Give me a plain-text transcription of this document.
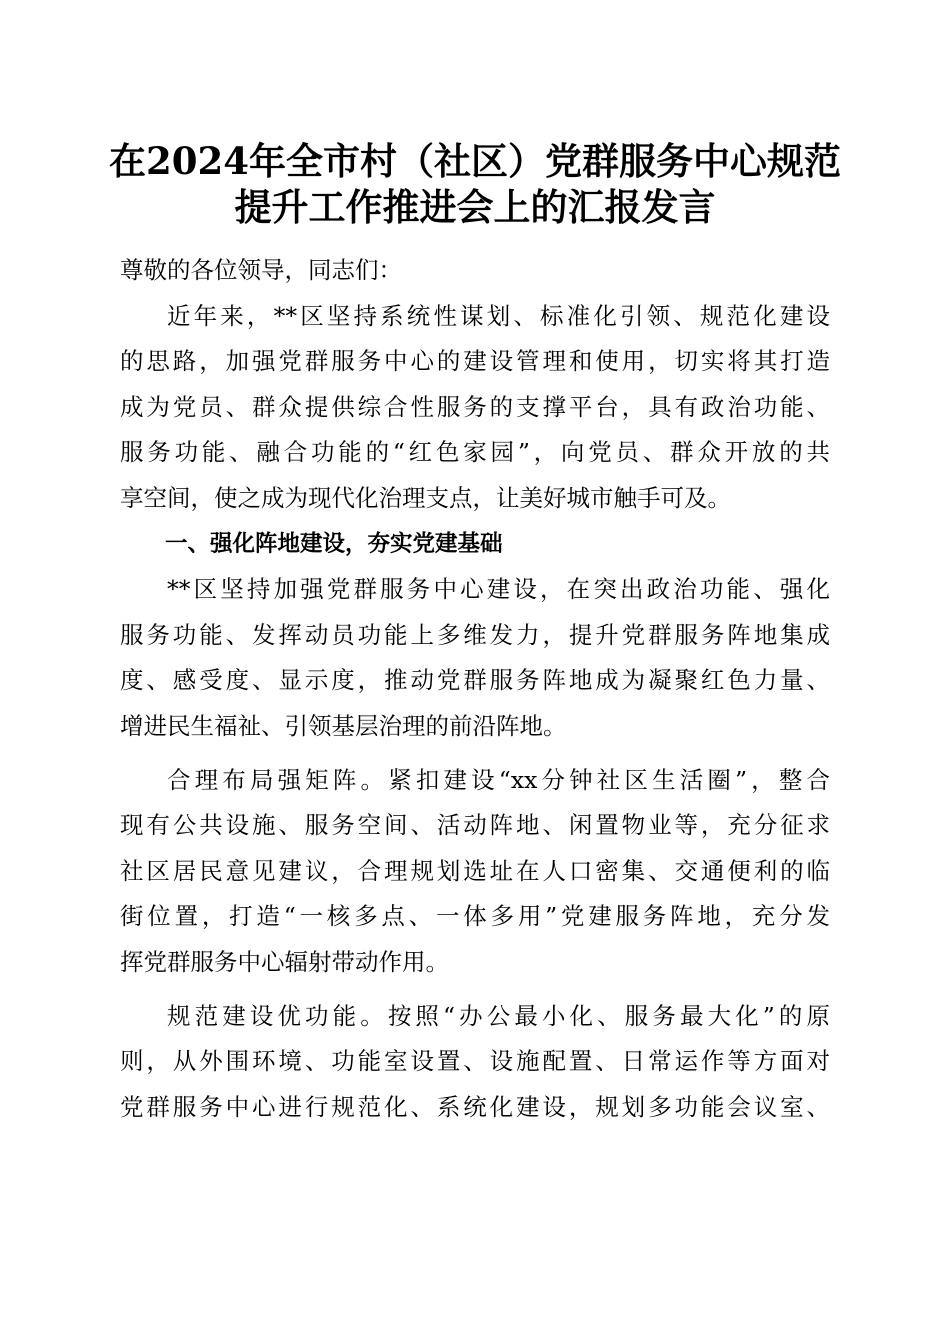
在2024年全市村（社区）党群服务中心规范
提升工作推进会上的汇报发言

尊敬的各位领导，同志们：

近年来，**区坚持系统性谋划、标准化引领、规范化建设
的思路，加强党群服务中心的建设管理和使用，切实将其打造
成为党员、群众提供综合性服务的支撑平台，具有政治功能、
服务功能、融合功能的“红色家园”，向党员、群众开放的共
享空间，使之成为现代化治理支点，让美好城市触手可及。

一、强化阵地建设，夯实党建基础

**区坚持加强党群服务中心建设，在突出政治功能、强化
服务功能、发挥动员功能上多维发力，提升党群服务阵地集成
度、感受度、显示度，推动党群服务阵地成为凝聚红色力量、
增进民生福祉、引领基层治理的前沿阵地。
合理布局强矩阵。紧扣建设“xx分钟社区生活圈”，整合
现有公共设施、服务空间、活动阵地、闲置物业等，充分征求
社区居民意见建议，合理规划选址在人口密集、交通便利的临
街位置，打造“一核多点、一体多用”党建服务阵地，充分发
挥党群服务中心辐射带动作用。
规范建设优功能。按照“办公最小化、服务最大化”的原
则，从外围环境、功能室设置、设施配置、日常运作等方面对
党群服务中心进行规范化、系统化建设，规划多功能会议室、
